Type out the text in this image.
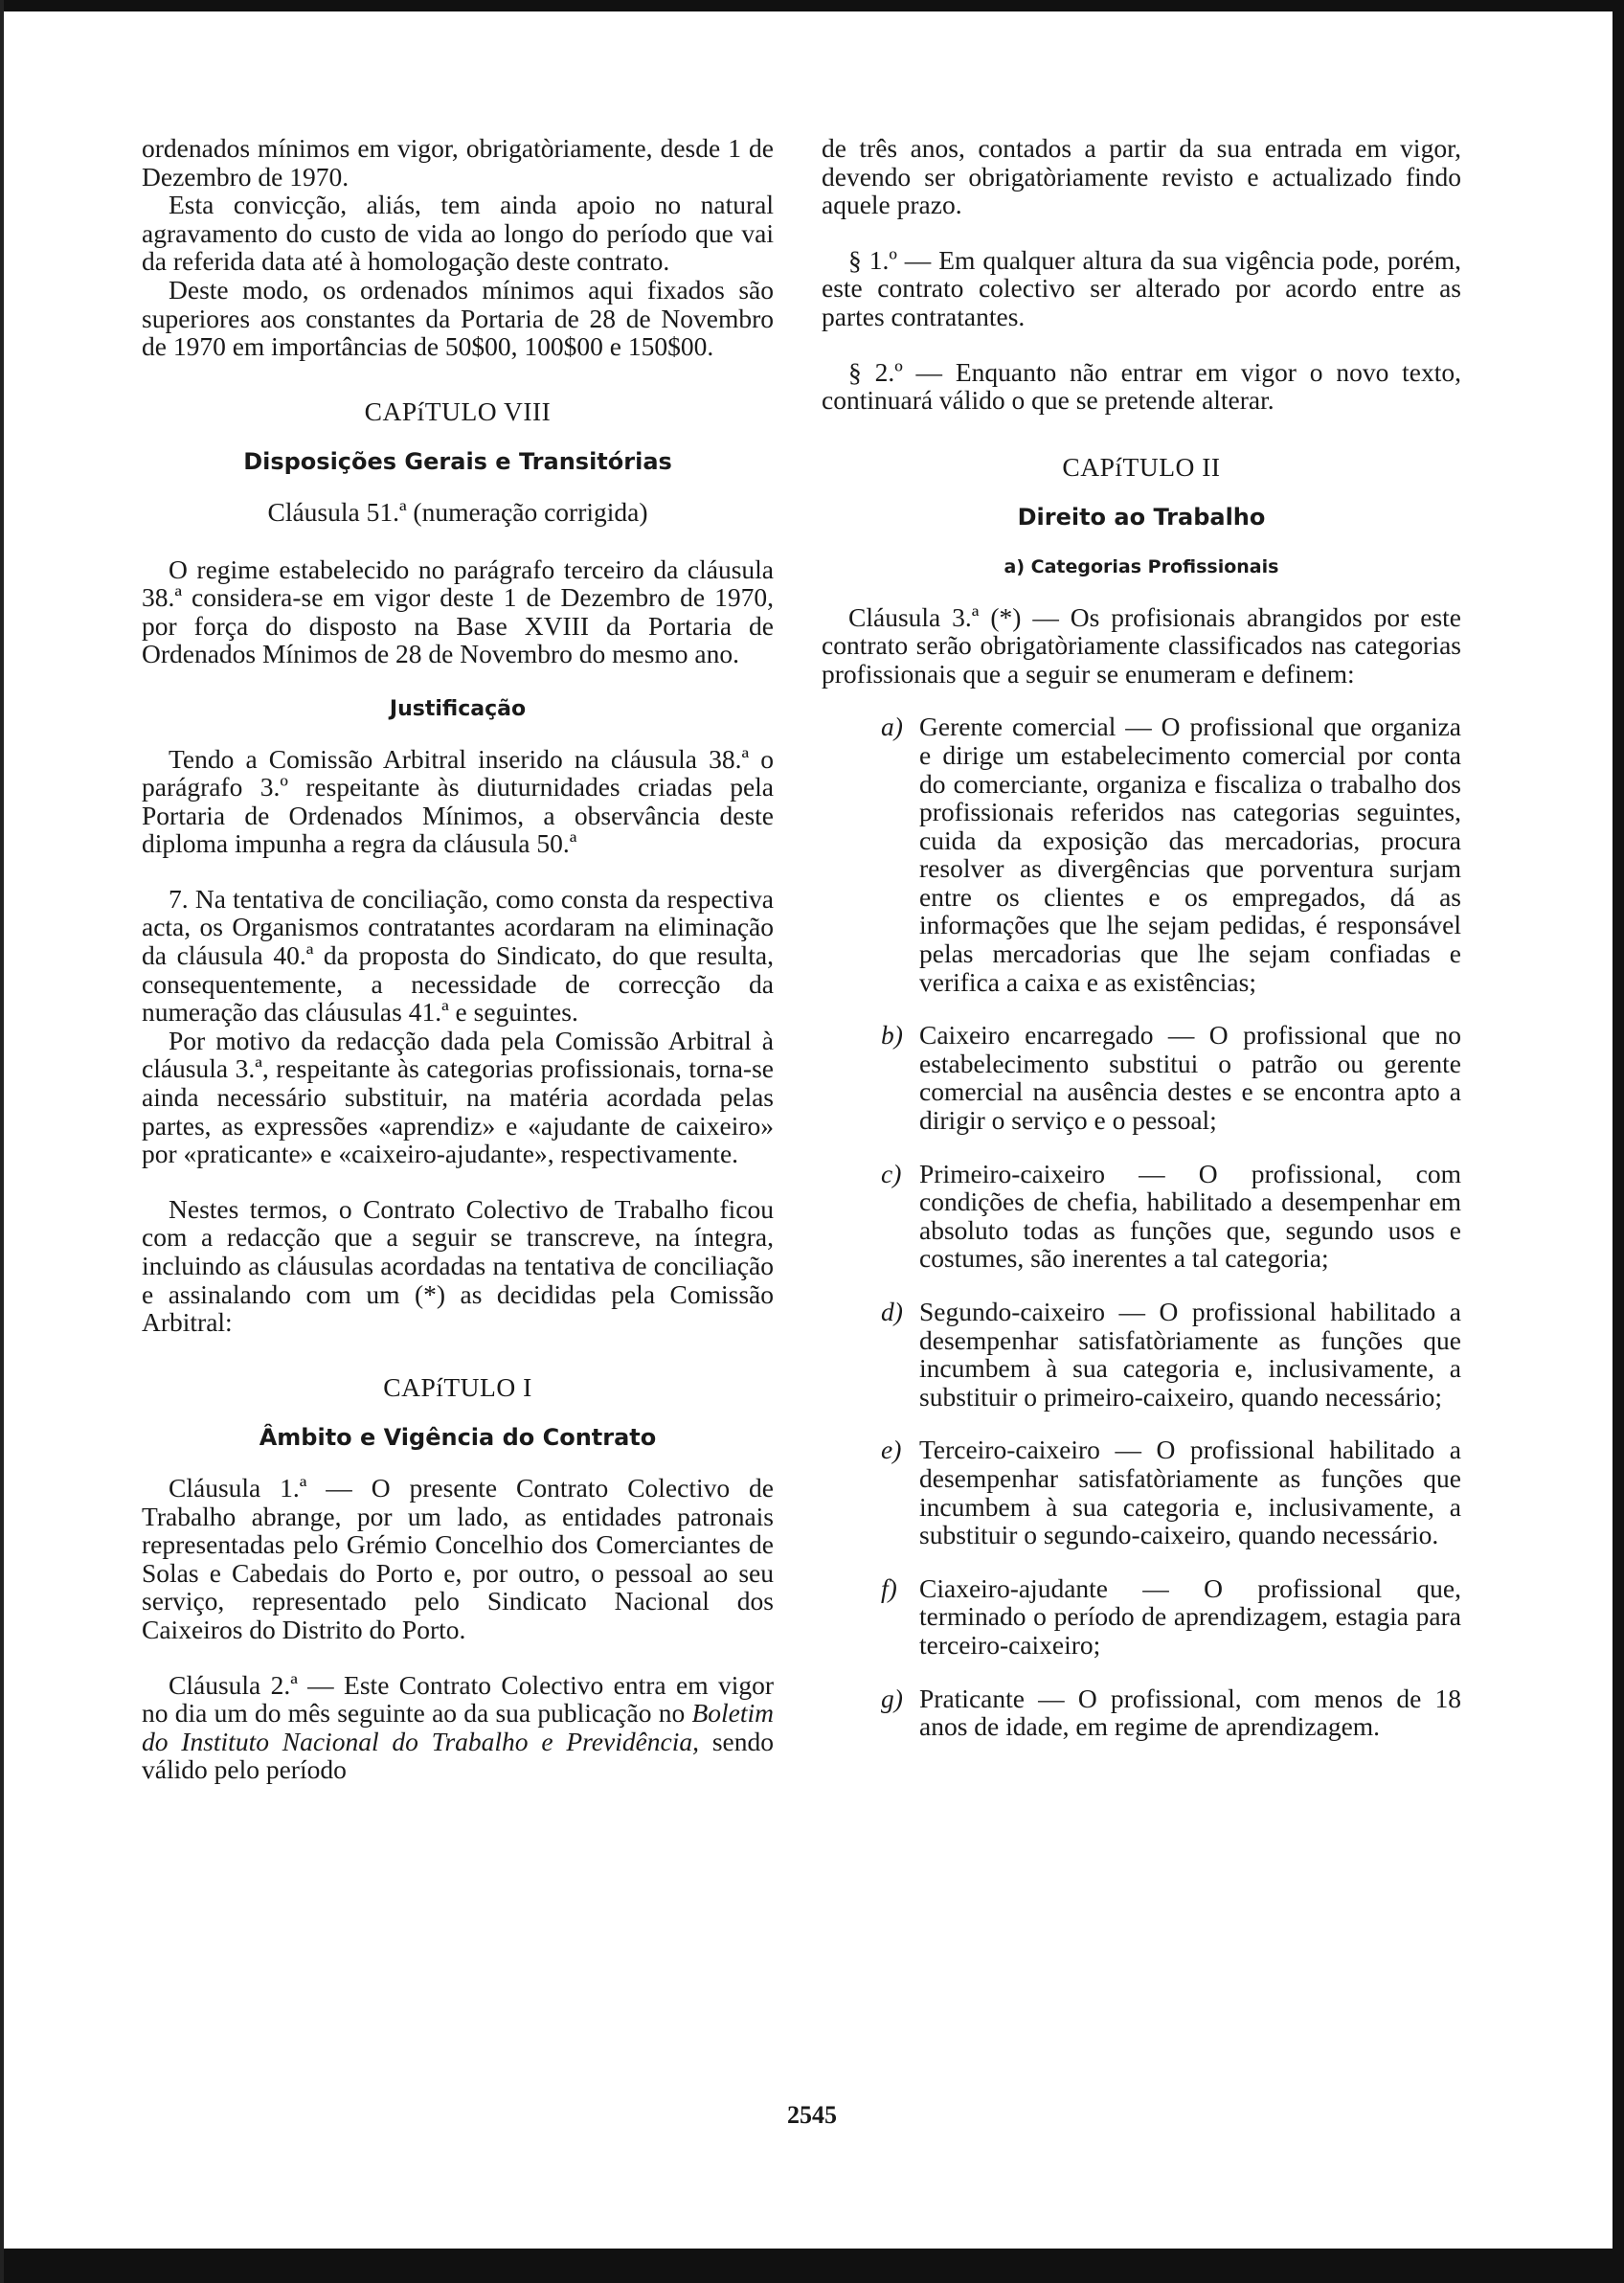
ordenados mínimos em vigor, obrigatòriamente, desde 1 de Dezembro de 1970.

Esta convicção, aliás, tem ainda apoio no natural agravamento do custo de vida ao longo do período que vai da referida data até à homologação deste contrato.

Deste modo, os ordenados mínimos aqui fixados são superiores aos constantes da Portaria de 28 de Novembro de 1970 em importâncias de 50$00, 100$00 e 150$00.

CAPíTULO VIII
Disposições Gerais e Transitórias
Cláusula 51.ª (numeração corrigida)

O regime estabelecido no parágrafo terceiro da cláusula 38.ª considera-se em vigor deste 1 de Dezembro de 1970, por força do disposto na Base XVIII da Portaria de Ordenados Mínimos de 28 de Novembro do mesmo ano.

Justificação

Tendo a Comissão Arbitral inserido na cláusula 38.ª o parágrafo 3.º respeitante às diuturnidades criadas pela Portaria de Ordenados Mínimos, a observância deste diploma impunha a regra da cláusula 50.ª

7. Na tentativa de conciliação, como consta da respectiva acta, os Organismos contratantes acordaram na eliminação da cláusula 40.ª da proposta do Sindicato, do que resulta, consequentemente, a necessidade de correcção da numeração das cláusulas 41.ª e seguintes.

Por motivo da redacção dada pela Comissão Arbitral à cláusula 3.ª, respeitante às categorias profissionais, torna-se ainda necessário substituir, na matéria acordada pelas partes, as expressões «aprendiz» e «ajudante de caixeiro» por «praticante» e «caixeiro-ajudante», respectivamente.

Nestes termos, o Contrato Colectivo de Trabalho ficou com a redacção que a seguir se transcreve, na íntegra, incluindo as cláusulas acordadas na tentativa de conciliação e assinalando com um (*) as decididas pela Comissão Arbitral:

CAPíTULO I
Âmbito e Vigência do Contrato

Cláusula 1.ª — O presente Contrato Colectivo de Trabalho abrange, por um lado, as entidades patronais representadas pelo Grémio Concelhio dos Comerciantes de Solas e Cabedais do Porto e, por outro, o pessoal ao seu serviço, representado pelo Sindicato Nacional dos Caixeiros do Distrito do Porto.

Cláusula 2.ª — Este Contrato Colectivo entra em vigor no dia um do mês seguinte ao da sua publicação no Boletim do Instituto Nacional do Trabalho e Previdência, sendo válido pelo período

de três anos, contados a partir da sua entrada em vigor, devendo ser obrigatòriamente revisto e actualizado findo aquele prazo.

§ 1.º — Em qualquer altura da sua vigência pode, porém, este contrato colectivo ser alterado por acordo entre as partes contratantes.

§ 2.º — Enquanto não entrar em vigor o novo texto, continuará válido o que se pretende alterar.

CAPíTULO II
Direito ao Trabalho
a) Categorias Profissionais

Cláusula 3.ª (*) — Os profisionais abrangidos por este contrato serão obrigatòriamente classificados nas categorias profissionais que a seguir se enumeram e definem:

a) Gerente comercial — O profissional que organiza e dirige um estabelecimento comercial por conta do comerciante, organiza e fiscaliza o trabalho dos profissionais referidos nas categorias seguintes, cuida da exposição das mercadorias, procura resolver as divergências que porventura surjam entre os clientes e os empregados, dá as informações que lhe sejam pedidas, é responsável pelas mercadorias que lhe sejam confiadas e verifica a caixa e as existências;
b) Caixeiro encarregado — O profissional que no estabelecimento substitui o patrão ou gerente comercial na ausência destes e se encontra apto a dirigir o serviço e o pessoal;
c) Primeiro-caixeiro — O profissional, com condições de chefia, habilitado a desempenhar em absoluto todas as funções que, segundo usos e costumes, são inerentes a tal categoria;
d) Segundo-caixeiro — O profissional habilitado a desempenhar satisfatòriamente as funções que incumbem à sua categoria e, inclusivamente, a substituir o primeiro-caixeiro, quando necessário;
e) Terceiro-caixeiro — O profissional habilitado a desempenhar satisfatòriamente as funções que incumbem à sua categoria e, inclusivamente, a substituir o segundo-caixeiro, quando necessário.
f) Ciaxeiro-ajudante — O profissional que, terminado o período de aprendizagem, estagia para terceiro-caixeiro;
g) Praticante — O profissional, com menos de 18 anos de idade, em regime de aprendizagem.
2545
